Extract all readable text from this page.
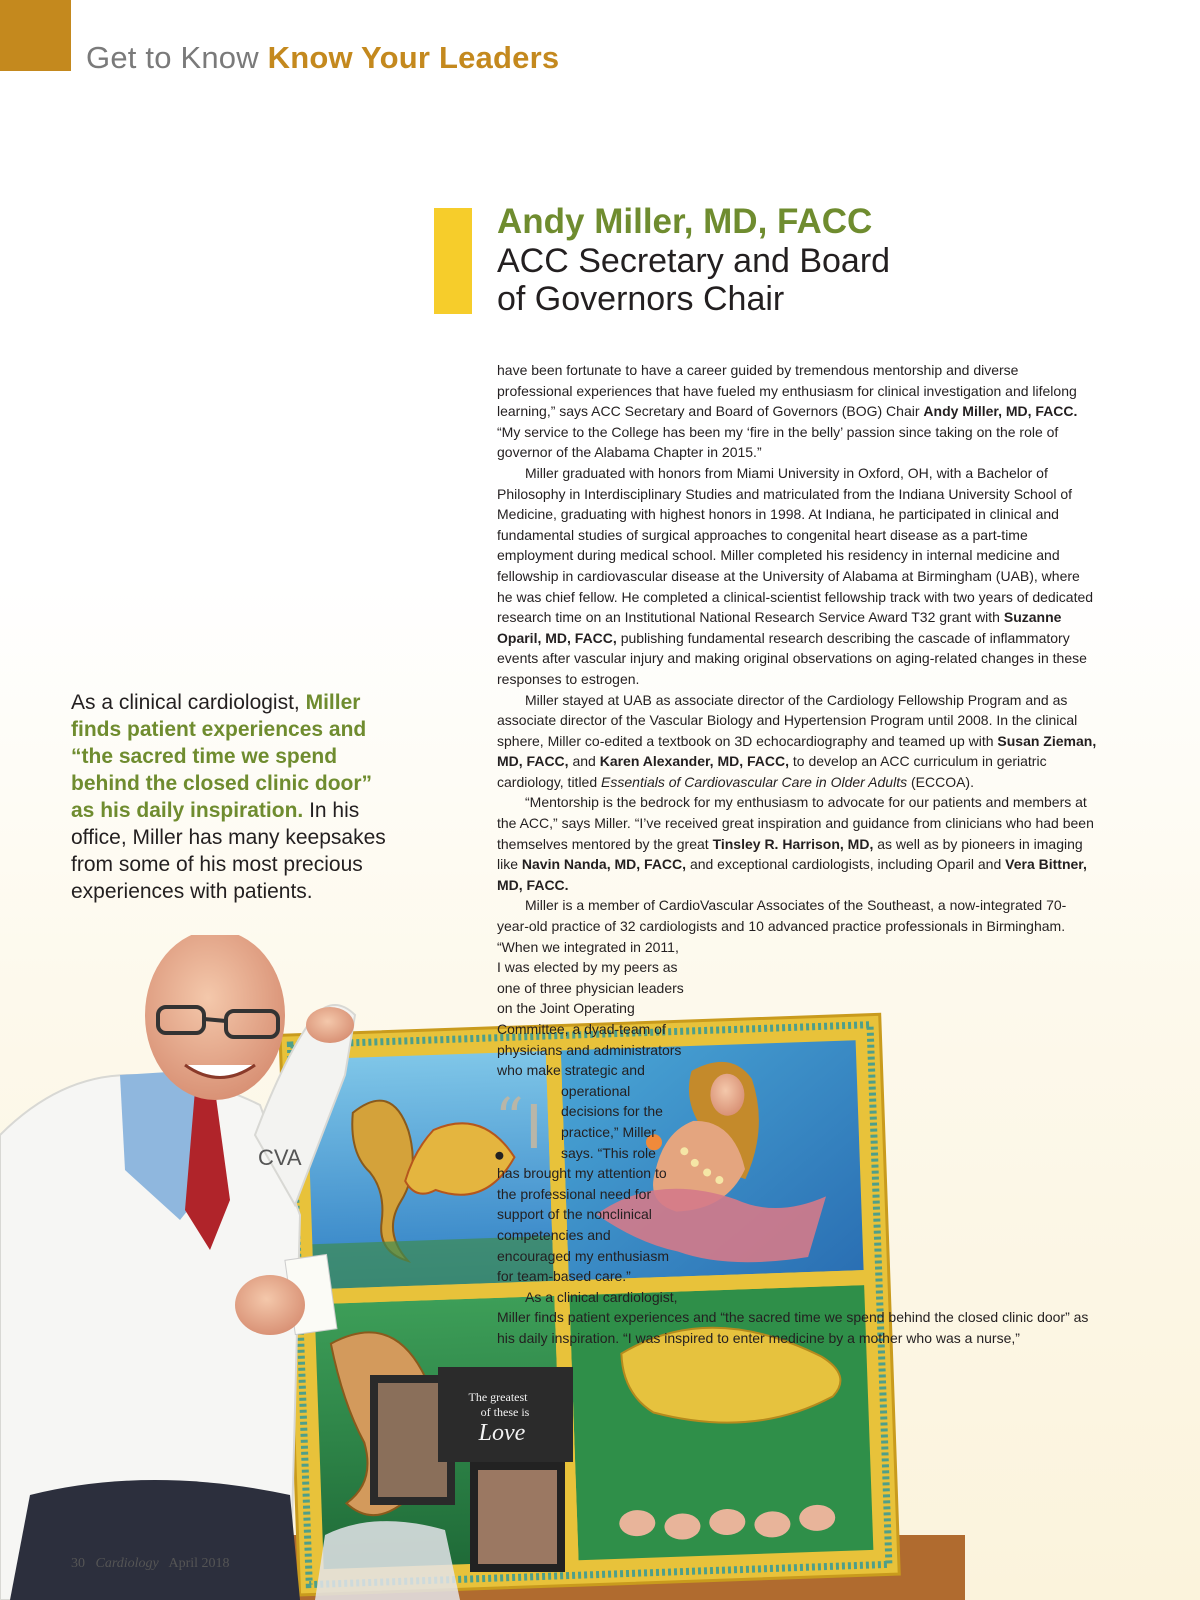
Get to Know Know Your Leaders
Andy Miller, MD, FACC
ACC Secretary and Board
of Governors Chair
As a clinical cardiologist, Miller finds patient experiences and “the sacred time we spend behind the closed clinic door” as his daily inspiration. In his office, Miller has many keepsakes from some of his most precious experiences with patients.
The greatest
of these is
Love
CVA
“ I

have been fortunate to have a career guided by tremendous mentorship and diverse professional experiences that have fueled my enthusiasm for clinical investigation and lifelong learning,” says ACC Secretary and Board of Governors (BOG) Chair Andy Miller, MD, FACC. “My service to the College has been my ‘fire in the belly’ passion since taking on the role of governor of the Alabama Chapter in 2015.”

Miller graduated with honors from Miami University in Oxford, OH, with a Bachelor of Philosophy in Interdisciplinary Studies and matriculated from the Indiana University School of Medicine, graduating with highest honors in 1998. At Indiana, he participated in clinical and fundamental studies of surgical approaches to congenital heart disease as a part-time employment during medical school. Miller completed his residency in internal medicine and fellowship in cardiovascular disease at the University of Alabama at Birmingham (UAB), where he was chief fellow. He completed a clinical-scientist fellowship track with two years of dedicated research time on an Institutional National Research Service Award T32 grant with Suzanne Oparil, MD, FACC, publishing fundamental research describing the cascade of inflammatory events after vascular injury and making original observations on aging-related changes in these responses to estrogen.

Miller stayed at UAB as associate director of the Cardiology Fellowship Program and as associate director of the Vascular Biology and Hypertension Program until 2008. In the clinical sphere, Miller co-edited a textbook on 3D echocardiography and teamed up with Susan Zieman, MD, FACC, and Karen Alexander, MD, FACC, to develop an ACC curriculum in geriatric cardiology, titled Essentials of Cardiovascular Care in Older Adults (ECCOA).

“Mentorship is the bedrock for my enthusiasm to advocate for our patients and members at the ACC,” says Miller. “I’ve received great inspiration and guidance from clinicians who had been themselves mentored by the great Tinsley R. Harrison, MD, as well as by pioneers in imaging like Navin Nanda, MD, FACC, and exceptional cardiologists, including Oparil and Vera Bittner, MD, FACC.

Miller is a member of CardioVascular Associates of the Southeast, a now-integrated 70-year-old practice of 32 cardiologists and 10 advanced practice professionals in Birmingham. “When we integrated in 2011, I was elected by my peers as one of three physician leaders on the Joint Operating Committee, a dyad-team of physicians and administrators who make strategic and operational decisions for the practice,” Miller says. “This role has brought my attention to the professional need for support of the nonclinical competencies and encouraged my enthusiasm for team-based care.”

As a clinical cardiologist, Miller finds patient experiences and “the sacred time we spend behind the closed clinic door” as his daily inspiration. “I was inspired to enter medicine by a mother who was a nurse,”

30 Cardiology April 2018
